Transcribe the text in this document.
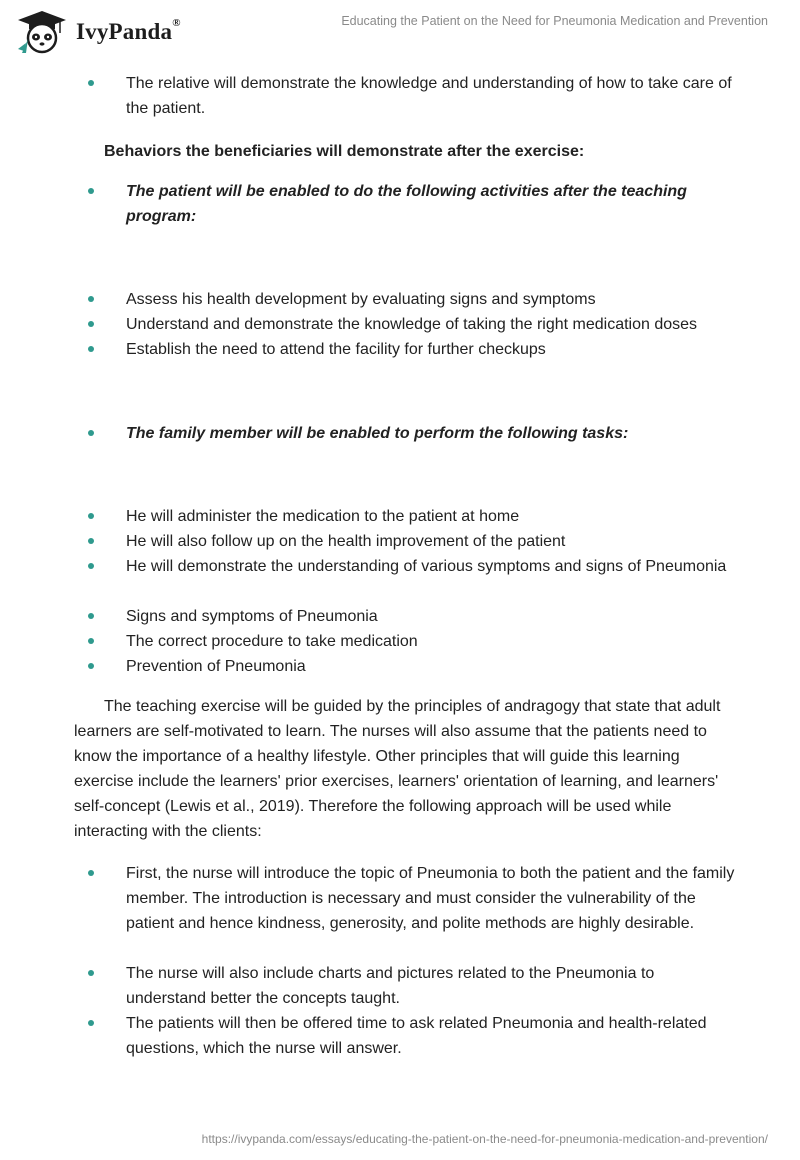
IvyPanda®	Educating the Patient on the Need for Pneumonia Medication and Prevention
The relative will demonstrate the knowledge and understanding of how to take care of the patient.
Behaviors the beneficiaries will demonstrate after the exercise:
The patient will be enabled to do the following activities after the teaching program:
Assess his health development by evaluating signs and symptoms
Understand and demonstrate the knowledge of taking the right medication doses
Establish the need to attend the facility for further checkups
The family member will be enabled to perform the following tasks:
He will administer the medication to the patient at home
He will also follow up on the health improvement of the patient
He will demonstrate the understanding of various symptoms and signs of Pneumonia
Signs and symptoms of Pneumonia
The correct procedure to take medication
Prevention of Pneumonia
The teaching exercise will be guided by the principles of andragogy that state that adult learners are self-motivated to learn. The nurses will also assume that the patients need to know the importance of a healthy lifestyle. Other principles that will guide this learning exercise include the learners' prior exercises, learners' orientation of learning, and learners' self-concept (Lewis et al., 2019). Therefore the following approach will be used while interacting with the clients:
First, the nurse will introduce the topic of Pneumonia to both the patient and the family member. The introduction is necessary and must consider the vulnerability of the patient and hence kindness, generosity, and polite methods are highly desirable.
The nurse will also include charts and pictures related to the Pneumonia to understand better the concepts taught.
The patients will then be offered time to ask related Pneumonia and health-related questions, which the nurse will answer.
https://ivypanda.com/essays/educating-the-patient-on-the-need-for-pneumonia-medication-and-prevention/
